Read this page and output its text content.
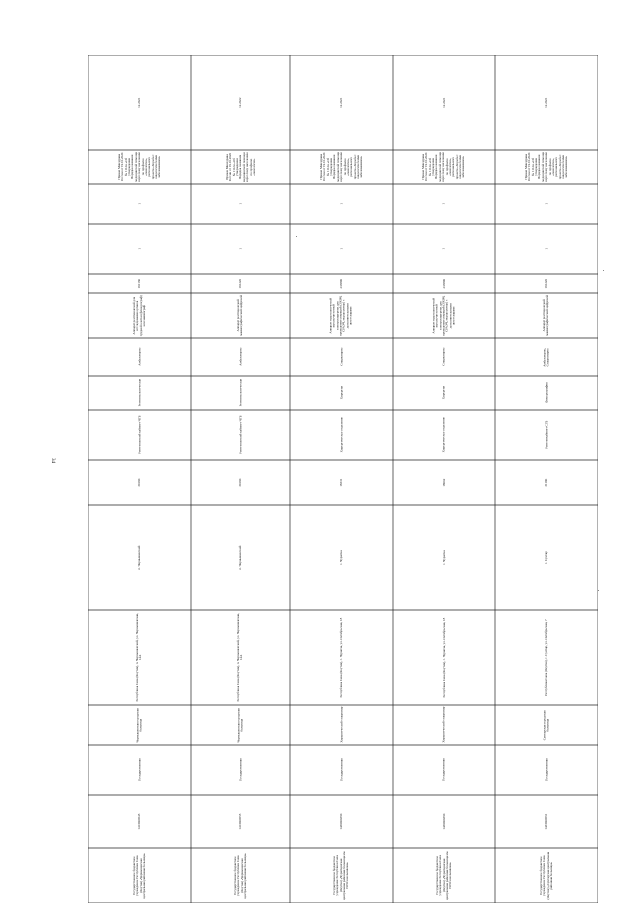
34
12.2021
Приказ Минздрава России от 19.10.2020 № 1112н «Об утверждении Порядка оказания медицинской помощи взрослому населению по профилю «онкология», регионального проекта «Борьба с онкологическими заболеваниями»
1
1
191160
Аппарат рентгеновский для исследования органов грудной клетки (флюорограф) или маммограф
Амбулаторно
Рентгенологическая
Рентгеновский кабинет ЧГБ
31090
п. Чернышевский
Республика Саха (Якутия), п. Чернышевский, ул. Чернышевская, 14А
Чернышевская городская больница
Государственная
1413000545
Государственное бюджетное учреждение Республики Саха (Якутия) «Чернышевская центральная районная больница»
12.2022
Приказ Минздрава России от 19.10.2020 № 1112н «Об утверждении Порядка оказания медицинской помощи взрослому населению по профилю «онкология»
1
1
191220
Аппарат рентгеновский маммографический цифровой
Амбулаторно
Рентгенологическая
Рентгеновский кабинет ЧГБ
31090
п. Чернышевский
Республика Саха (Якутия), п. Чернышевский, ул. Чернышевская, 14А
Чернышевская городская больница
Государственная
1413000555
Государственное бюджетное учреждение Республики Саха (Якутия) «Чернышевская центральная районная больница»
12.2021
Приказ Минздрава России от 19.10.2020 № 1112н «Об утверждении Порядка оказания медицинской помощи взрослому населению по профилю «онкология», регионального проекта «Борьба с онкологическими заболеваниями»
1
1
233890
Аппарат эндоскопической высокочастотной электрохирургии для проведения операций (ЭХВЧ, СРАЭЧ, морцеллятор) с дополнительными аксессуарами
Стационарно
Хирургия
Хирургическое отделение
18331
с. Чурапча
Республика Саха (Якутия), с. Чурапча, ул. Октябрьская, 18
Хирургический стационар
Государственная
1430000360
Государственное бюджетное учреждение Республики Саха (Якутия) «Чурапчинская центральная районная больница им. П.Н.Сокольникова»
12.2021
Приказ Минздрава России от 19.10.2020 № 1112н «Об утверждении Порядка оказания медицинской помощи взрослому населению по профилю «онкология», регионального проекта «Борьба с онкологическими заболеваниями»
1
1
233890
Аппарат эндоскопической высокочастотной электрохирургии для проведения операций (ЭХВЧ, СРАЭЧ, морцеллятор) с дополнительными аксессуарами
Стационарно
Хирургия
Хирургическое отделение
18002
с. Чурапча
Республика Саха (Якутия), с. Чурапча, ул. Октябрьская, 18
Хирургический стационар
Государственная
1430000360
Государственное бюджетное учреждение Республики Саха (Якутия) «Чурапчинская центральная районная больница им. П.Н.Сокольникова»
12.2021
Приказ Минздрава России от 19.10.2020 № 1112н «Об утверждении Порядка оказания медицинской помощи взрослому населению по профилю «онкология», регионального проекта «Борьба с онкологическими заболеваниями»
1
1
191220
Аппарат рентгеновский маммографический цифровой
Амбулаторно, Стационарно
Флюорография
Рентгенкабинет СГБ
31190
с. Сунтар
Республика Саха (Якутия), с. Сунтар, ул. Октябрьская, 7
Сунтарская городская больница
Государственная
1433000561
Государственное бюджетное учреждение Республики Саха (Якутия) «Сунтарская центральная районная больница»
